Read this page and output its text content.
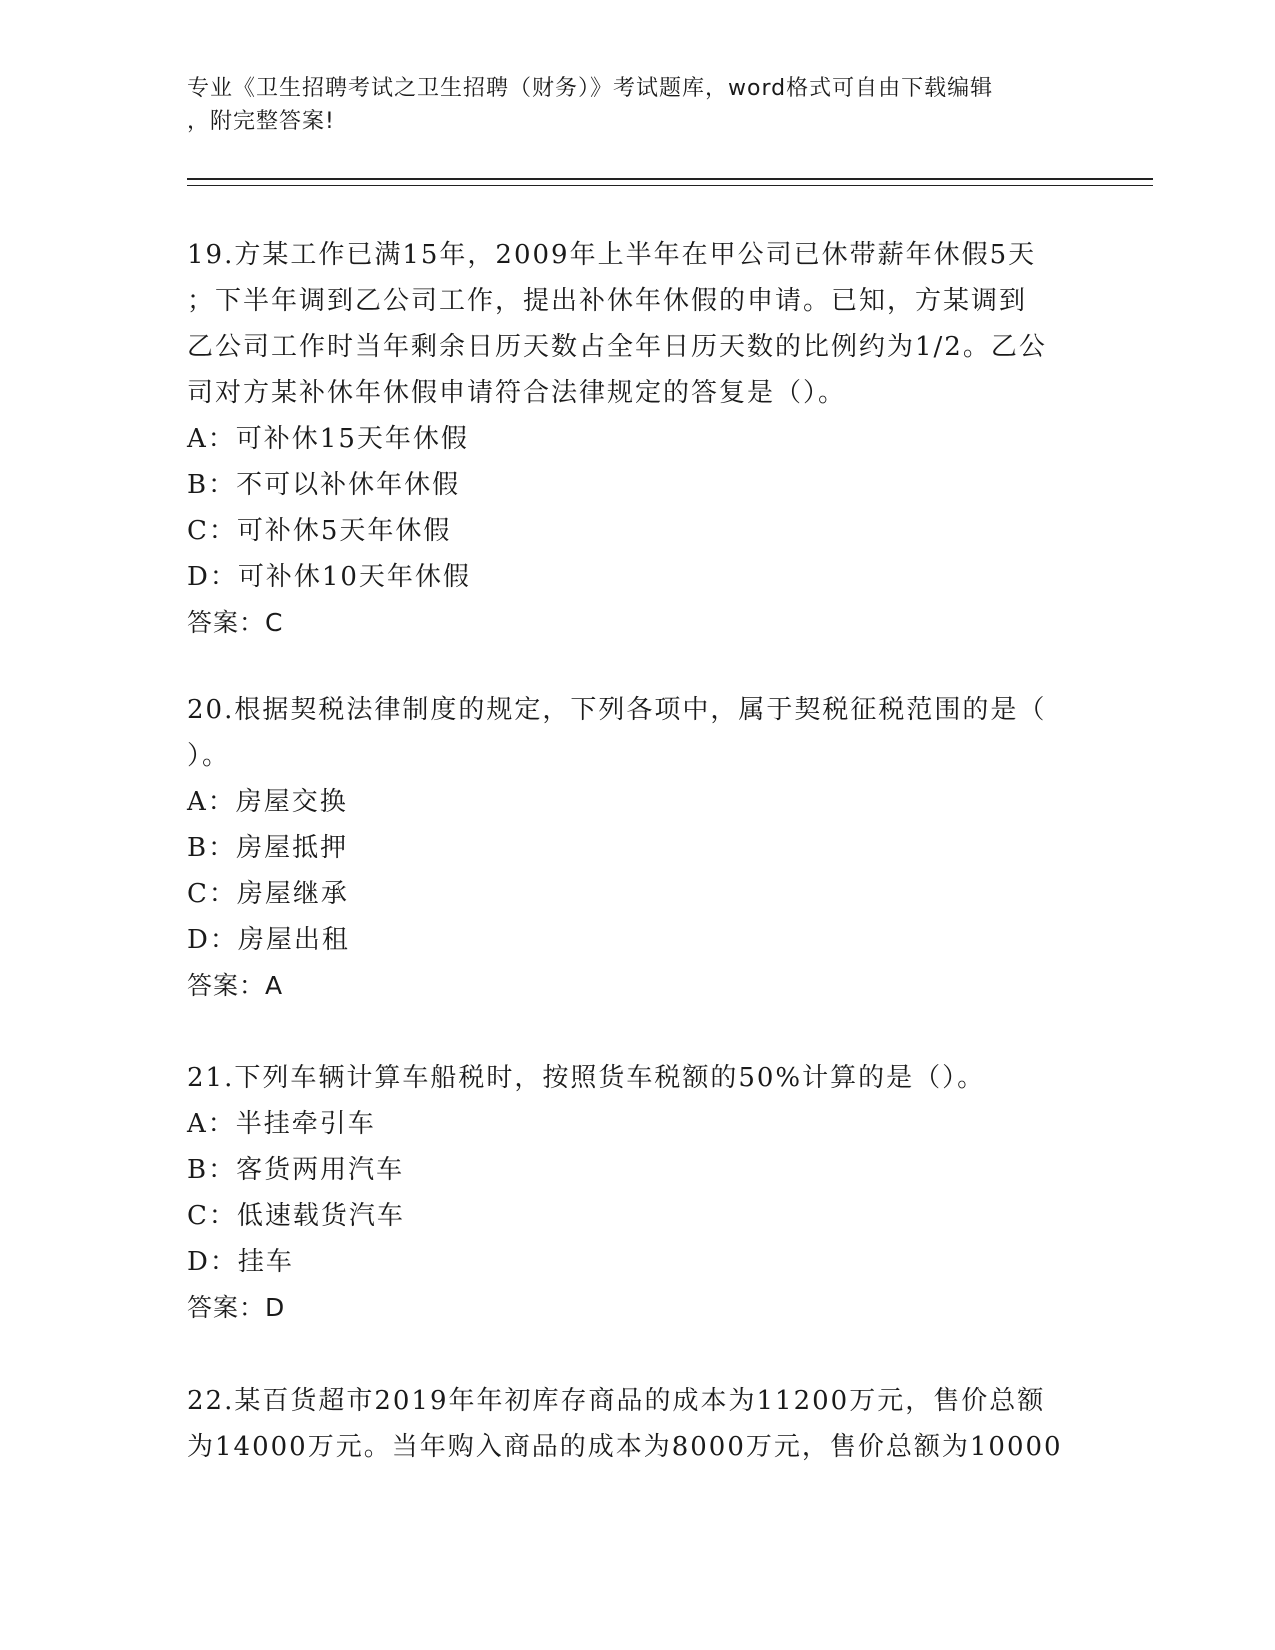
专业《卫生招聘考试之卫生招聘（财务）》考试题库，word格式可自由下载编辑
，附完整答案!

19.方某工作已满15年，2009年上半年在甲公司已休带薪年休假5天

；下半年调到乙公司工作，提出补休年休假的申请。已知，方某调到

乙公司工作时当年剩余日历天数占全年日历天数的比例约为1/2。乙公

司对方某补休年休假申请符合法律规定的答复是（）。

A：可补休15天年休假

B：不可以补休年休假

C：可补休5天年休假

D：可补休10天年休假

答案：C

20.根据契税法律制度的规定，下列各项中，属于契税征税范围的是（

）。

A：房屋交换

B：房屋抵押

C：房屋继承

D：房屋出租

答案：A

21.下列车辆计算车船税时，按照货车税额的50%计算的是（）。

A：半挂牵引车

B：客货两用汽车

C：低速载货汽车

D：挂车

答案：D

22.某百货超市2019年年初库存商品的成本为11200万元，售价总额

为14000万元。当年购入商品的成本为8000万元，售价总额为10000
